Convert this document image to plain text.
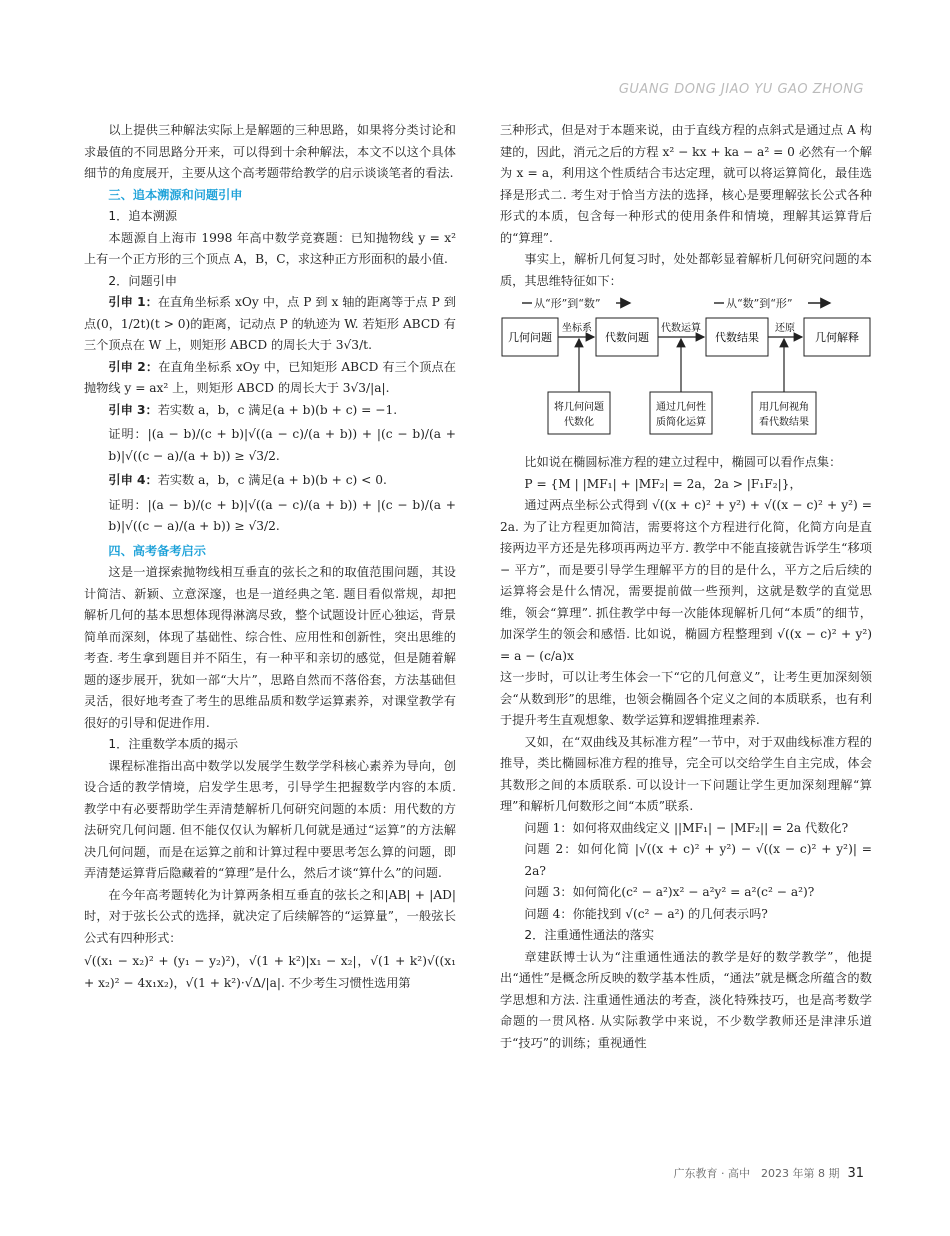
GUANG DONG JIAO YU GAO ZHONG

以上提供三种解法实际上是解题的三种思路，如果将分类讨论和求最值的不同思路分开来，可以得到十余种解法，本文不以这个具体细节的角度展开，主要从这个高考题带给教学的启示谈谈笔者的看法.

三、追本溯源和问题引申

1．追本溯源

本题源自上海市 1998 年高中数学竞赛题：已知抛物线 y = x² 上有一个正方形的三个顶点 A，B，C，求这种正方形面积的最小值.

2．问题引申

引申 1：在直角坐标系 xOy 中，点 P 到 x 轴的距离等于点 P 到点(0，1/2t)(t > 0)的距离，记动点 P 的轨迹为 W. 若矩形 ABCD 有三个顶点在 W 上，则矩形 ABCD 的周长大于 3√3/t.

引申 2：在直角坐标系 xOy 中，已知矩形 ABCD 有三个顶点在抛物线 y = ax² 上，则矩形 ABCD 的周长大于 3√3/|a|.

引申 3：若实数 a，b，c 满足(a + b)(b + c) = −1.

证明：|(a − b)/(c + b)|√((a − c)/(a + b)) + |(c − b)/(a + b)|√((c − a)/(a + b)) ≥ √3/2.

引申 4：若实数 a，b，c 满足(a + b)(b + c) < 0.

证明：|(a − b)/(c + b)|√((a − c)/(a + b)) + |(c − b)/(a + b)|√((c − a)/(a + b)) ≥ √3/2.

四、高考备考启示

这是一道探索抛物线相互垂直的弦长之和的取值范围问题，其设计简洁、新颖、立意深邃，也是一道经典之笔. 题目看似常规，却把解析几何的基本思想体现得淋漓尽致，整个试题设计匠心独运，背景简单而深刻，体现了基础性、综合性、应用性和创新性，突出思维的考查. 考生拿到题目并不陌生，有一种平和亲切的感觉，但是随着解题的逐步展开，犹如一部“大片”，思路自然而不落俗套，方法基础但灵活，很好地考查了考生的思维品质和数学运算素养，对课堂教学有很好的引导和促进作用.

1．注重数学本质的揭示

课程标准指出高中数学以发展学生数学学科核心素养为导向，创设合适的教学情境，启发学生思考，引导学生把握数学内容的本质. 教学中有必要帮助学生弄清楚解析几何研究问题的本质：用代数的方法研究几何问题. 但不能仅仅认为解析几何就是通过“运算”的方法解决几何问题，而是在运算之前和计算过程中要思考怎么算的问题，即弄清楚运算背后隐藏着的“算理”是什么，然后才谈“算什么”的问题.

在今年高考题转化为计算两条相互垂直的弦长之和|AB| + |AD|时，对于弦长公式的选择，就决定了后续解答的“运算量”，一般弦长公式有四种形式：

√((x₁ − x₂)² + (y₁ − y₂)²)，√(1 + k²)|x₁ − x₂|，√(1 + k²)√((x₁ + x₂)² − 4x₁x₂)，√(1 + k²)·√Δ/|a|. 不少考生习惯性选用第

三种形式，但是对于本题来说，由于直线方程的点斜式是通过点 A 构建的，因此，消元之后的方程 x² − kx + ka − a² = 0 必然有一个解为 x = a，利用这个性质结合韦达定理，就可以将运算简化，最佳选择是形式二. 考生对于恰当方法的选择，核心是要理解弦长公式各种形式的本质，包含每一种形式的使用条件和情境，理解其运算背后的“算理”.

事实上，解析几何复习时，处处都彰显着解析几何研究问题的本质，其思维特征如下：

从“形”到“数”	从“数”到“形”
几何问题	代数问题	代数结果	几何解释
坐标系	代数运算	还原
将几何问题
代数化
通过几何性
质简化运算
用几何视角
看代数结果

比如说在椭圆标准方程的建立过程中，椭圆可以看作点集：

P = {M | |MF₁| + |MF₂| = 2a，2a > |F₁F₂|}，

通过两点坐标公式得到 √((x + c)² + y²) + √((x − c)² + y²) = 2a. 为了让方程更加简洁，需要将这个方程进行化简，化简方向是直接两边平方还是先移项再两边平方. 教学中不能直接就告诉学生“移项 − 平方”，而是要引导学生理解平方的目的是什么，平方之后后续的运算将会是什么情况，需要提前做一些预判，这就是数学的直觉思维，领会“算理”. 抓住教学中每一次能体现解析几何“本质”的细节，加深学生的领会和感悟. 比如说，椭圆方程整理到 √((x − c)² + y²) = a − (c/a)x

这一步时，可以让考生体会一下“它的几何意义”，让考生更加深刻领会“从数到形”的思维，也领会椭圆各个定义之间的本质联系，也有利于提升考生直观想象、数学运算和逻辑推理素养.

又如，在“双曲线及其标准方程”一节中，对于双曲线标准方程的推导，类比椭圆标准方程的推导，完全可以交给学生自主完成，体会其数形之间的本质联系. 可以设计一下问题让学生更加深刻理解“算理”和解析几何数形之间“本质”联系.

问题 1：如何将双曲线定义 ||MF₁| − |MF₂|| = 2a 代数化?

问题 2：如何化简 |√((x + c)² + y²) − √((x − c)² + y²)| = 2a?

问题 3：如何简化(c² − a²)x² − a²y² = a²(c² − a²)?

问题 4：你能找到 √(c² − a²) 的几何表示吗?

2．注重通性通法的落实

章建跃博士认为“注重通性通法的教学是好的数学教学”，他提出“通性”是概念所反映的数学基本性质，“通法”就是概念所蕴含的数学思想和方法. 注重通性通法的考查，淡化特殊技巧，也是高考数学命题的一贯风格. 从实际教学中来说，不少数学教师还是津津乐道于“技巧”的训练；重视通性

广东教育 · 高中　2023 年第 8 期 31
